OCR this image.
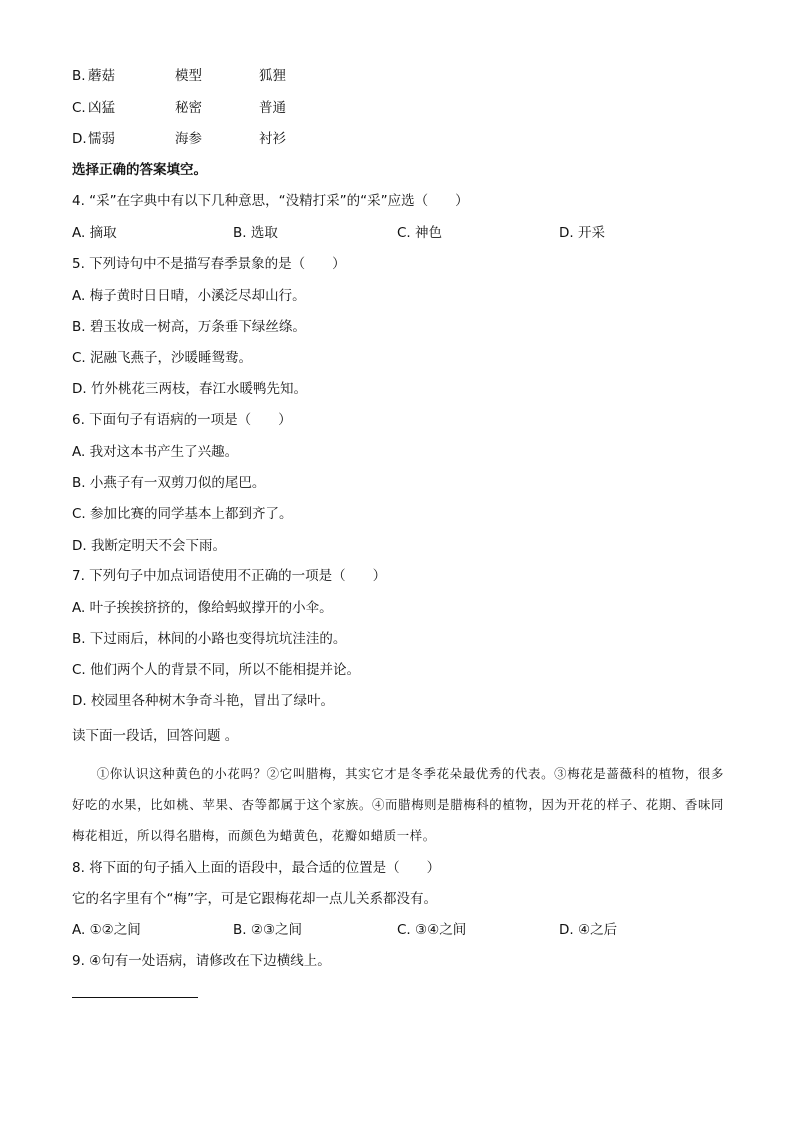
B. 蘑菇	模型	狐狸
C. 凶猛	秘密	普通
D. 懦弱	海参	衬衫
选择正确的答案填空。
4. “采”在字典中有以下几种意思，“没精打采”的“采”应选（　　）
A. 摘取	B. 选取	C. 神色	D. 开采
5. 下列诗句中不是描写春季景象的是（　　）
A. 梅子黄时日日晴，小溪泛尽却山行。
B. 碧玉妆成一树高，万条垂下绿丝绦。
C. 泥融飞燕子，沙暖睡鸳鸯。
D. 竹外桃花三两枝，春江水暖鸭先知。
6. 下面句子有语病的一项是（　　）
A. 我对这本书产生了兴趣。
B. 小燕子有一双剪刀似的尾巴。
C. 参加比赛的同学基本上都到齐了。
D. 我断定明天不会下雨。
7. 下列句子中加点词语使用不正确的一项是（　　）
A. 叶子挨挨挤挤的，像给蚂蚁撑开的小伞。
B. 下过雨后，林间的小路也变得坑坑洼洼的。
C. 他们两个人的背景不同，所以不能相提并论。
D. 校园里各种树木争奇斗艳，冒出了绿叶。
读下面一段话，回答问题 。

①你认识这种黄色的小花吗？②它叫腊梅，其实它才是冬季花朵最优秀的代表。③梅花是蔷薇科的植物，很多好吃的水果，比如桃、苹果、杏等都属于这个家族。④而腊梅则是腊梅科的植物，因为开花的样子、花期、香味同梅花相近，所以得名腊梅，而颜色为蜡黄色，花瓣如蜡质一样。

8. 将下面的句子插入上面的语段中，最合适的位置是（　　）
它的名字里有个“梅”字，可是它跟梅花却一点儿关系都没有。
A. ①②之间	B. ②③之间	C. ③④之间	D. ④之后
9. ④句有一处语病，请修改在下边横线上。
